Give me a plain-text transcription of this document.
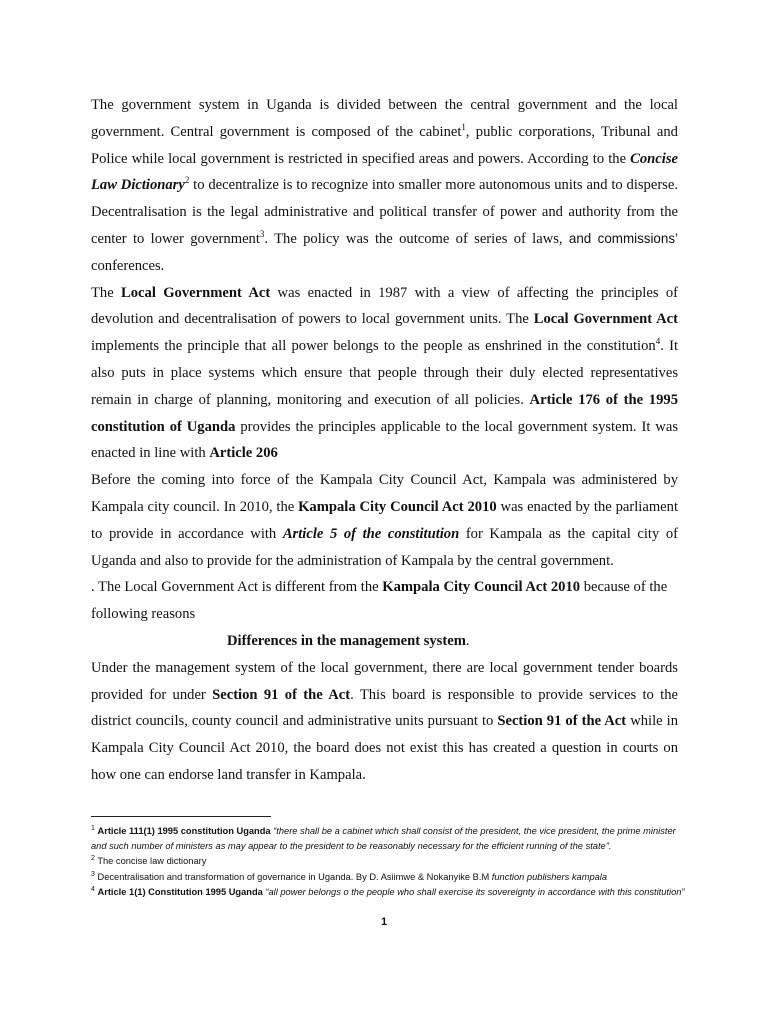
The government system in Uganda is divided between the central government and the local government. Central government is composed of the cabinet$^1$, public corporations, Tribunal and Police while local government is restricted in specified areas and powers. According to the Concise Law Dictionary$^2$ to decentralize is to recognize into smaller more autonomous units and to disperse. Decentralisation is the legal administrative and political transfer of power and authority from the center to lower government$^3$. The policy was the outcome of series of laws, and commissions’ conferences.

The Local Government Act was enacted in 1987 with a view of affecting the principles of devolution and decentralisation of powers to local government units. The Local Government Act implements the principle that all power belongs to the people as enshrined in the constitution$^4$. It also puts in place systems which ensure that people through their duly elected representatives remain in charge of planning, monitoring and execution of all policies. Article 176 of the 1995 constitution of Uganda provides the principles applicable to the local government system. It was enacted in line with Article 206

Before the coming into force of the Kampala City Council Act, Kampala was administered by Kampala city council. In 2010, the Kampala City Council Act 2010 was enacted by the parliament to provide in accordance with Article 5 of the constitution for Kampala as the capital city of Uganda and also to provide for the administration of Kampala by the central government.

. The Local Government Act is different from the Kampala City Council Act 2010 because of the following reasons

Differences in the management system.

Under the management system of the local government, there are local government tender boards provided for under Section 91 of the Act. This board is responsible to provide services to the district councils, county council and administrative units pursuant to Section 91 of the Act while in Kampala City Council Act 2010, the board does not exist this has created a question in courts on how one can endorse land transfer in Kampala.

$^1$ Article 111(1) 1995 constitution Uganda “there shall be a cabinet which shall consist of the president, the vice president, the prime minister and such number of ministers as may appear to the president to be reasonably necessary for the efficient running of the state”.

$^2$ The concise law dictionary

$^3$ Decentralisation and transformation of governance in Uganda. By D. Asiimwe & Nokanyike B.M function publishers kampala

$^4$ Article 1(1) Constitution 1995 Uganda “all power belongs o the people who shall exercise its sovereignty in accordance with this constitution”

1
